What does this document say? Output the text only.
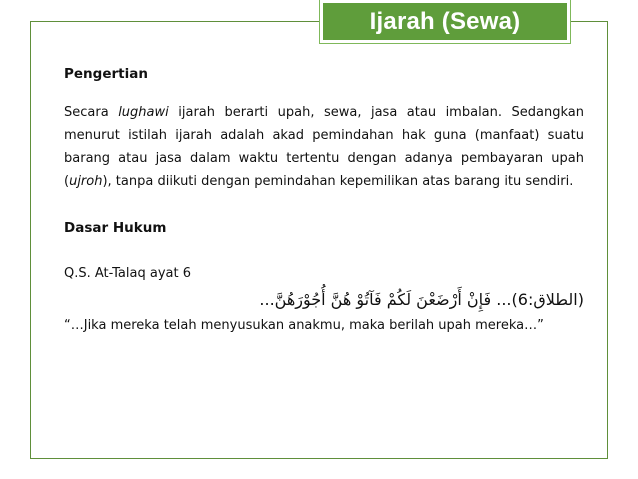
Ijarah (Sewa)

Pengertian

Secara lughawi ijarah berarti upah, sewa, jasa atau imbalan. Sedangkan menurut istilah ijarah adalah akad pemindahan hak guna (manfaat) suatu barang atau jasa dalam waktu tertentu dengan adanya pembayaran upah (ujroh), tanpa diikuti dengan pemindahan kepemilikan atas barang itu sendiri.

Dasar Hukum

Q.S. At-Talaq ayat 6

(الطلاق:6)... فَإِنْ أَرْضَعْنَ لَكُمْ فَآتُوْ هُنَّ أُجُوْرَهُنَّ...

“…Jika mereka telah menyusukan anakmu, maka berilah upah mereka…”
